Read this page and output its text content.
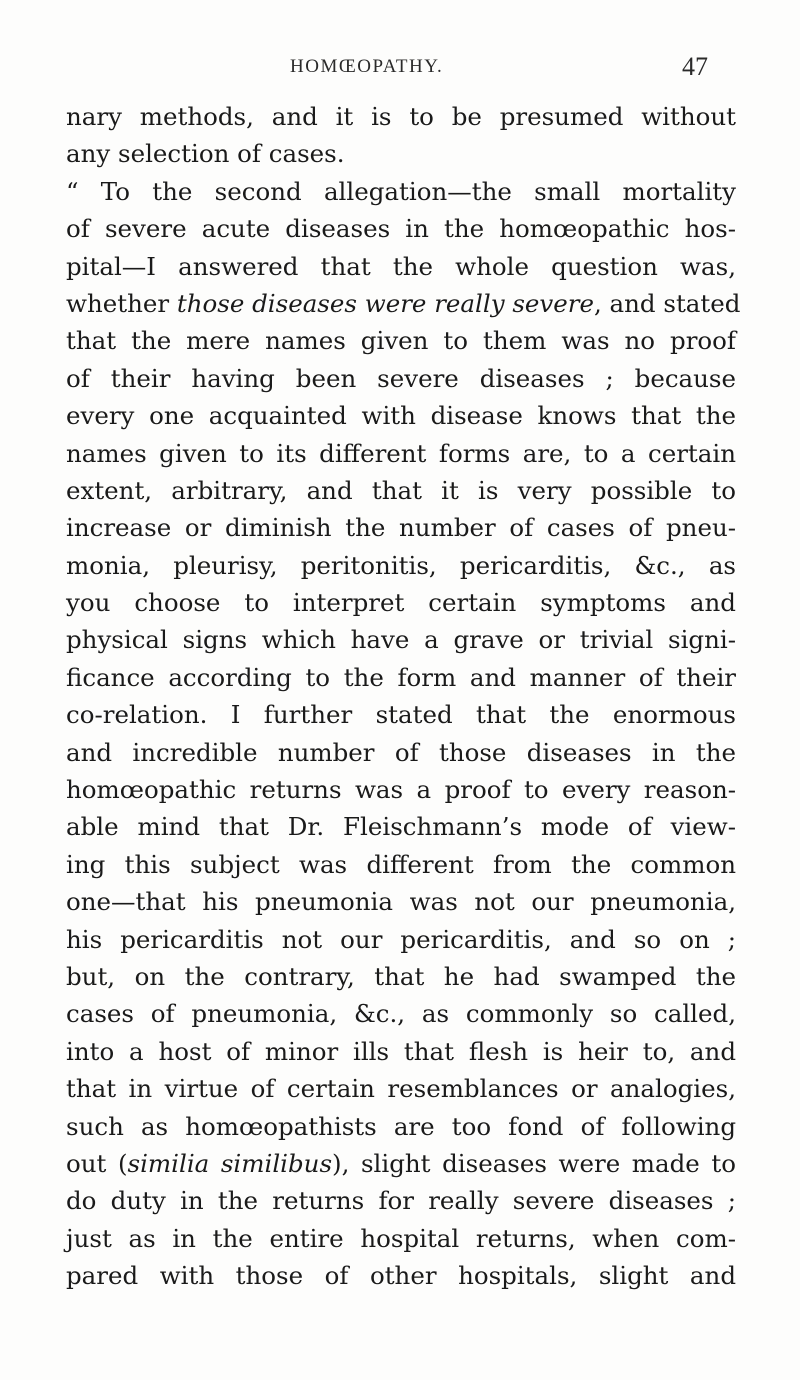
HOMŒOPATHY.	47
nary methods, and it is to be presumed without
any selection of cases.
“ To the second allegation—the small mortality
of severe acute diseases in the homœopathic hos-
pital—I answered that the whole question was,
whether those diseases were really severe, and stated
that the mere names given to them was no proof
of their having been severe diseases ; because
every one acquainted with disease knows that the
names given to its different forms are, to a certain
extent, arbitrary, and that it is very possible to
increase or diminish the number of cases of pneu-
monia, pleurisy, peritonitis, pericarditis, &c., as
you choose to interpret certain symptoms and
physical signs which have a grave or trivial signi-
ficance according to the form and manner of their
co-relation. I further stated that the enormous
and incredible number of those diseases in the
homœopathic returns was a proof to every reason-
able mind that Dr. Fleischmann’s mode of view-
ing this subject was different from the common
one—that his pneumonia was not our pneumonia,
his pericarditis not our pericarditis, and so on ;
but, on the contrary, that he had swamped the
cases of pneumonia, &c., as commonly so called,
into a host of minor ills that flesh is heir to, and
that in virtue of certain resemblances or analogies,
such as homœopathists are too fond of following
out (similia similibus), slight diseases were made to
do duty in the returns for really severe diseases ;
just as in the entire hospital returns, when com-
pared with those of other hospitals, slight and
